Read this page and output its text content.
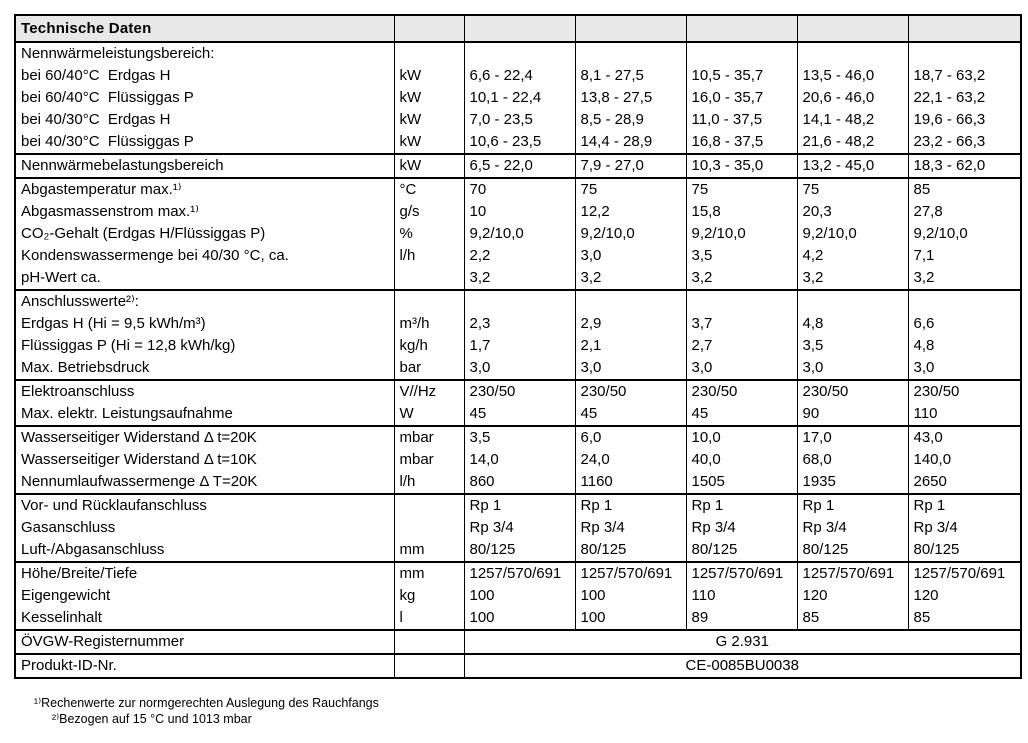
Technische Daten						
Nennwärmeleistungsbereich:						
bei 60/40°C  Erdgas H	kW	6,6 - 22,4	8,1 - 27,5	10,5 - 35,7	13,5 - 46,0	18,7 - 63,2
bei 60/40°C  Flüssiggas P	kW	10,1 - 22,4	13,8 - 27,5	16,0 - 35,7	20,6 - 46,0	22,1 - 63,2
bei 40/30°C  Erdgas H	kW	7,0 - 23,5	8,5 - 28,9	11,0 - 37,5	14,1 - 48,2	19,6 - 66,3
bei 40/30°C  Flüssiggas P	kW	10,6 - 23,5	14,4 - 28,9	16,8 - 37,5	21,6 - 48,2	23,2 - 66,3
Nennwärmebelastungsbereich	kW	6,5 - 22,0	7,9 - 27,0	10,3 - 35,0	13,2 - 45,0	18,3 - 62,0
Abgastemperatur max.¹⁾	°C	70	75	75	75	85
Abgasmassenstrom max.¹⁾	g/s	10	12,2	15,8	20,3	27,8
CO₂-Gehalt (Erdgas H/Flüssiggas P)	%	9,2/10,0	9,2/10,0	9,2/10,0	9,2/10,0	9,2/10,0
Kondenswassermenge bei 40/30 °C, ca.	l/h	2,2	3,0	3,5	4,2	7,1
pH-Wert ca.		3,2	3,2	3,2	3,2	3,2
Anschlusswerte²⁾:						
Erdgas H (Hi = 9,5 kWh/m³)	m³/h	2,3	2,9	3,7	4,8	6,6
Flüssiggas P (Hi = 12,8 kWh/kg)	kg/h	1,7	2,1	2,7	3,5	4,8
Max. Betriebsdruck	bar	3,0	3,0	3,0	3,0	3,0
Elektroanschluss	V//Hz	230/50	230/50	230/50	230/50	230/50
Max. elektr. Leistungsaufnahme	W	45	45	45	90	110
Wasserseitiger Widerstand Δ t=20K	mbar	3,5	6,0	10,0	17,0	43,0
Wasserseitiger Widerstand Δ t=10K	mbar	14,0	24,0	40,0	68,0	140,0
Nennumlaufwassermenge Δ T=20K	l/h	860	1160	1505	1935	2650
Vor- und Rücklaufanschluss		Rp 1	Rp 1	Rp 1	Rp 1	Rp 1
Gasanschluss		Rp 3/4	Rp 3/4	Rp 3/4	Rp 3/4	Rp 3/4
Luft-/Abgasanschluss	mm	80/125	80/125	80/125	80/125	80/125
Höhe/Breite/Tiefe	mm	1257/570/691	1257/570/691	1257/570/691	1257/570/691	1257/570/691
Eigengewicht	kg	100	100	110	120	120
Kesselinhalt	l	100	100	89	85	85
ÖVGW-Registernummer		G 2.931				
Produkt-ID-Nr.		CE-0085BU0038				

¹⁾Rechenwerte zur normgerechten Auslegung des Rauchfangs
²⁾Bezogen auf 15 °C und 1013 mbar
